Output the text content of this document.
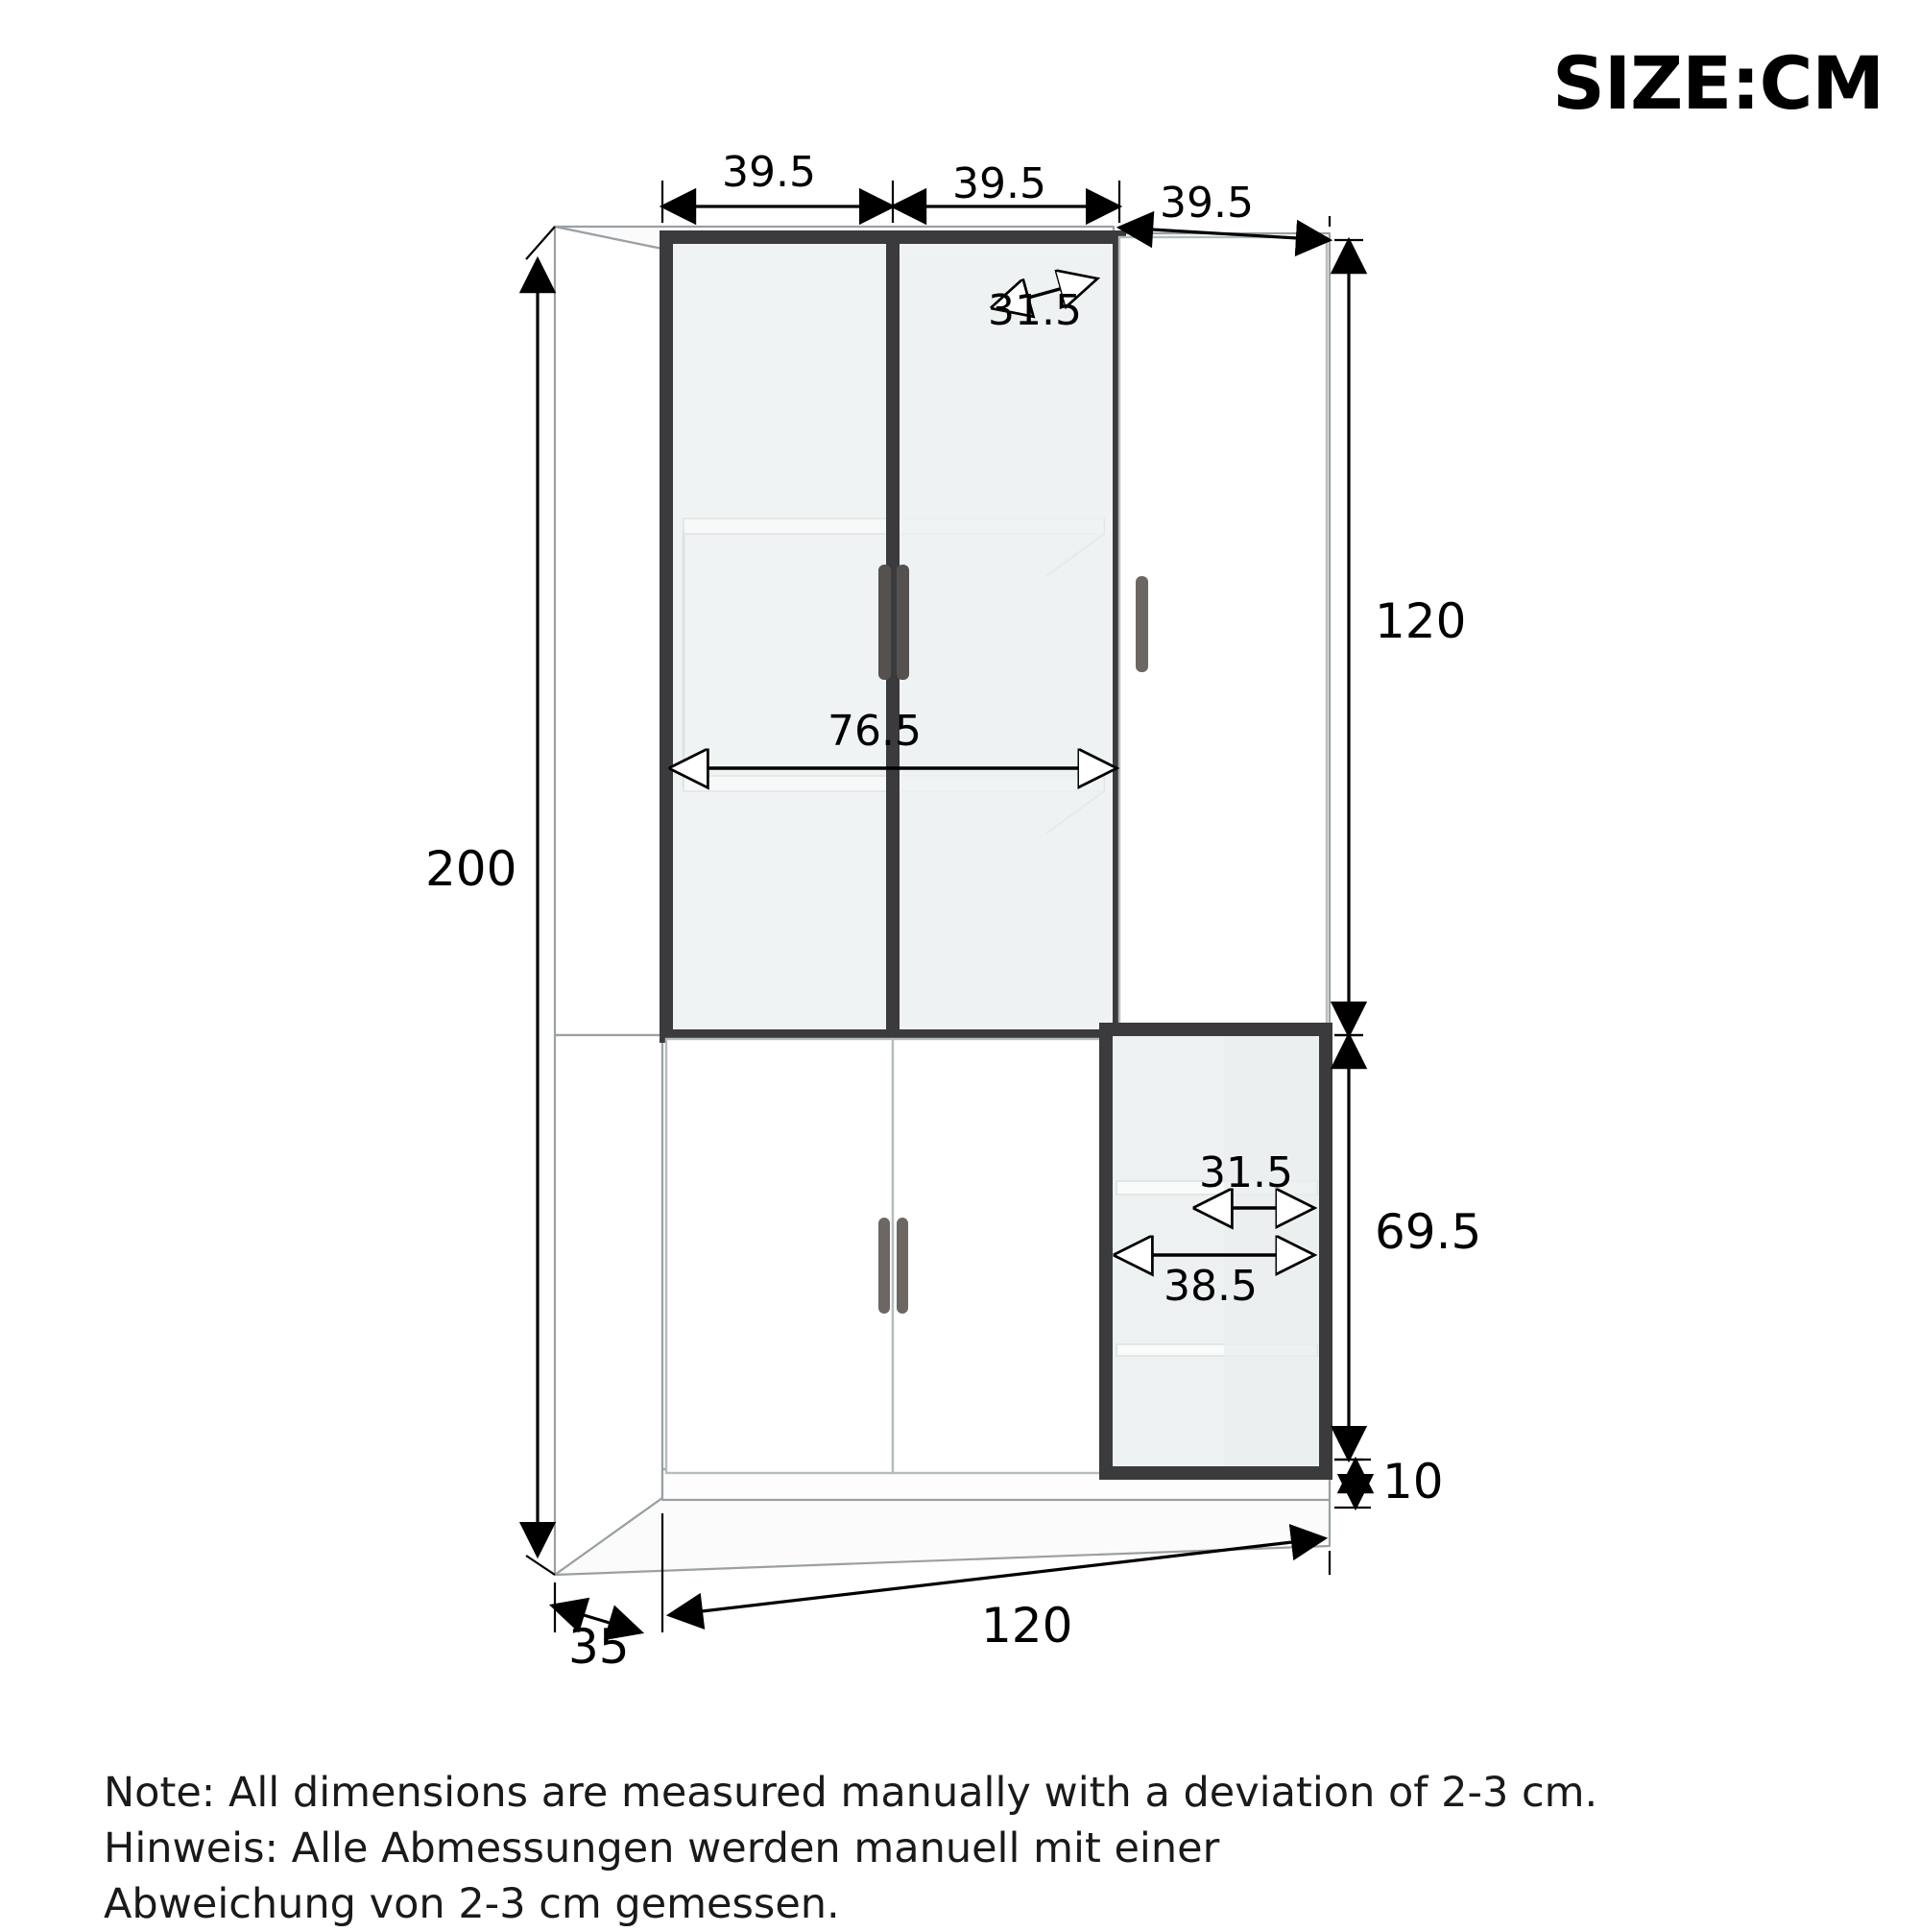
SIZE:CM
39.5	39.5	39.5
31.5
120
200
76.5
31.5
38.5
69.5
10
120
35
Note: All dimensions are measured manually with a deviation of 2-3 cm.
Hinweis: Alle Abmessungen werden manuell mit einer
Abweichung von 2-3 cm gemessen.
